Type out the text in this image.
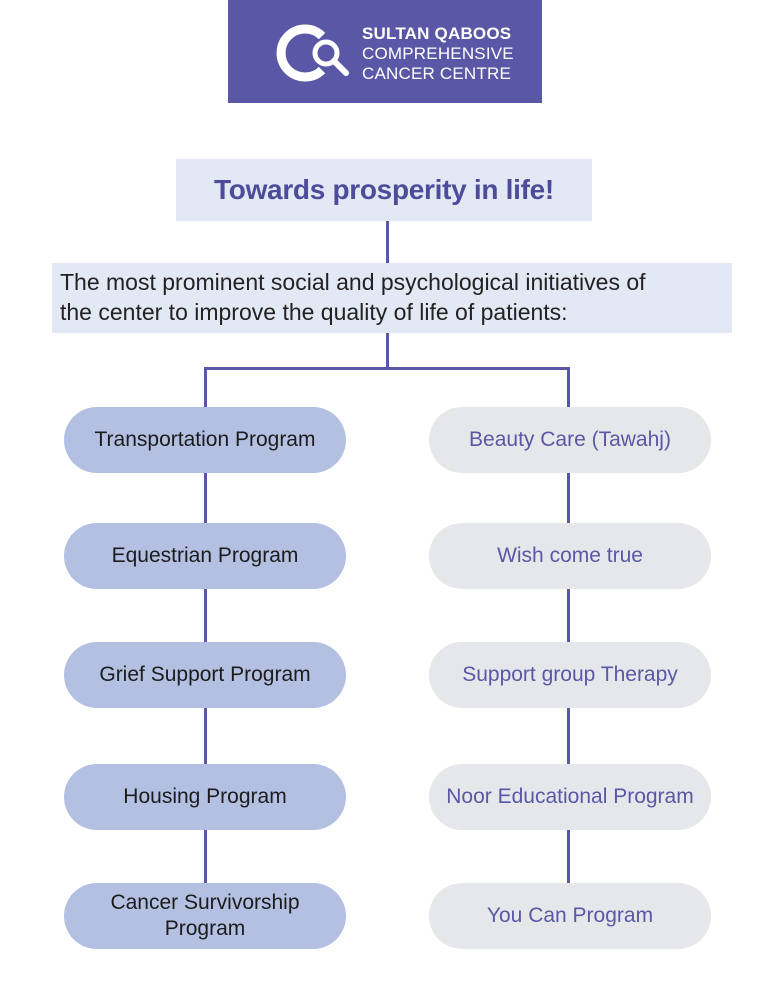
SULTAN QABOOS
COMPREHENSIVE
CANCER CENTRE
Towards prosperity in life!
The most prominent social and psychological initiatives of
the center to improve the quality of life of patients:
Transportation Program
Equestrian Program
Grief Support Program
Housing Program
Cancer Survivorship Program
Beauty Care (Tawahj)
Wish come true
Support group Therapy
Noor Educational Program
You Can Program
